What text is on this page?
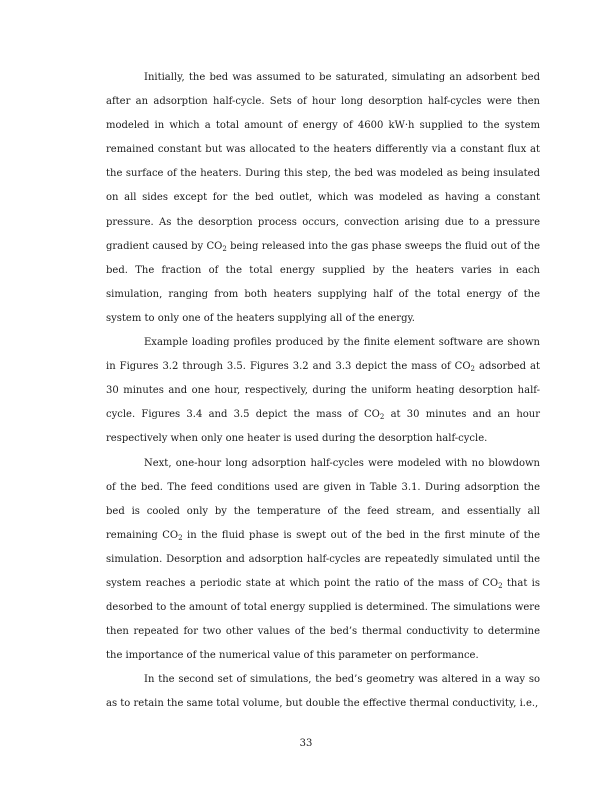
Initially, the bed was assumed to be saturated, simulating an adsorbent bed after an adsorption half-cycle. Sets of hour long desorption half-cycles were then modeled in which a total amount of energy of 4600 kW·h supplied to the system remained constant but was allocated to the heaters differently via a constant flux at the surface of the heaters. During this step, the bed was modeled as being insulated on all sides except for the bed outlet, which was modeled as having a constant pressure. As the desorption process occurs, convection arising due to a pressure gradient caused by $CO_2$ being released into the gas phase sweeps the fluid out of the bed. The fraction of the total energy supplied by the heaters varies in each simulation, ranging from both heaters supplying half of the total energy of the system to only one of the heaters supplying all of the energy.

Example loading profiles produced by the finite element software are shown in Figures 3.2 through 3.5. Figures 3.2 and 3.3 depict the mass of $CO_2$ adsorbed at 30 minutes and one hour, respectively, during the uniform heating desorption half-cycle. Figures 3.4 and 3.5 depict the mass of $CO_2$ at 30 minutes and an hour respectively when only one heater is used during the desorption half-cycle.

Next, one-hour long adsorption half-cycles were modeled with no blowdown of the bed. The feed conditions used are given in Table 3.1. During adsorption the bed is cooled only by the temperature of the feed stream, and essentially all remaining $CO_2$ in the fluid phase is swept out of the bed in the first minute of the simulation. Desorption and adsorption half-cycles are repeatedly simulated until the system reaches a periodic state at which point the ratio of the mass of $CO_2$ that is desorbed to the amount of total energy supplied is determined. The simulations were then repeated for two other values of the bed’s thermal conductivity to determine the importance of the numerical value of this parameter on performance.

In the second set of simulations, the bed’s geometry was altered in a way so as to retain the same total volume, but double the effective thermal conductivity, i.e.,

33
